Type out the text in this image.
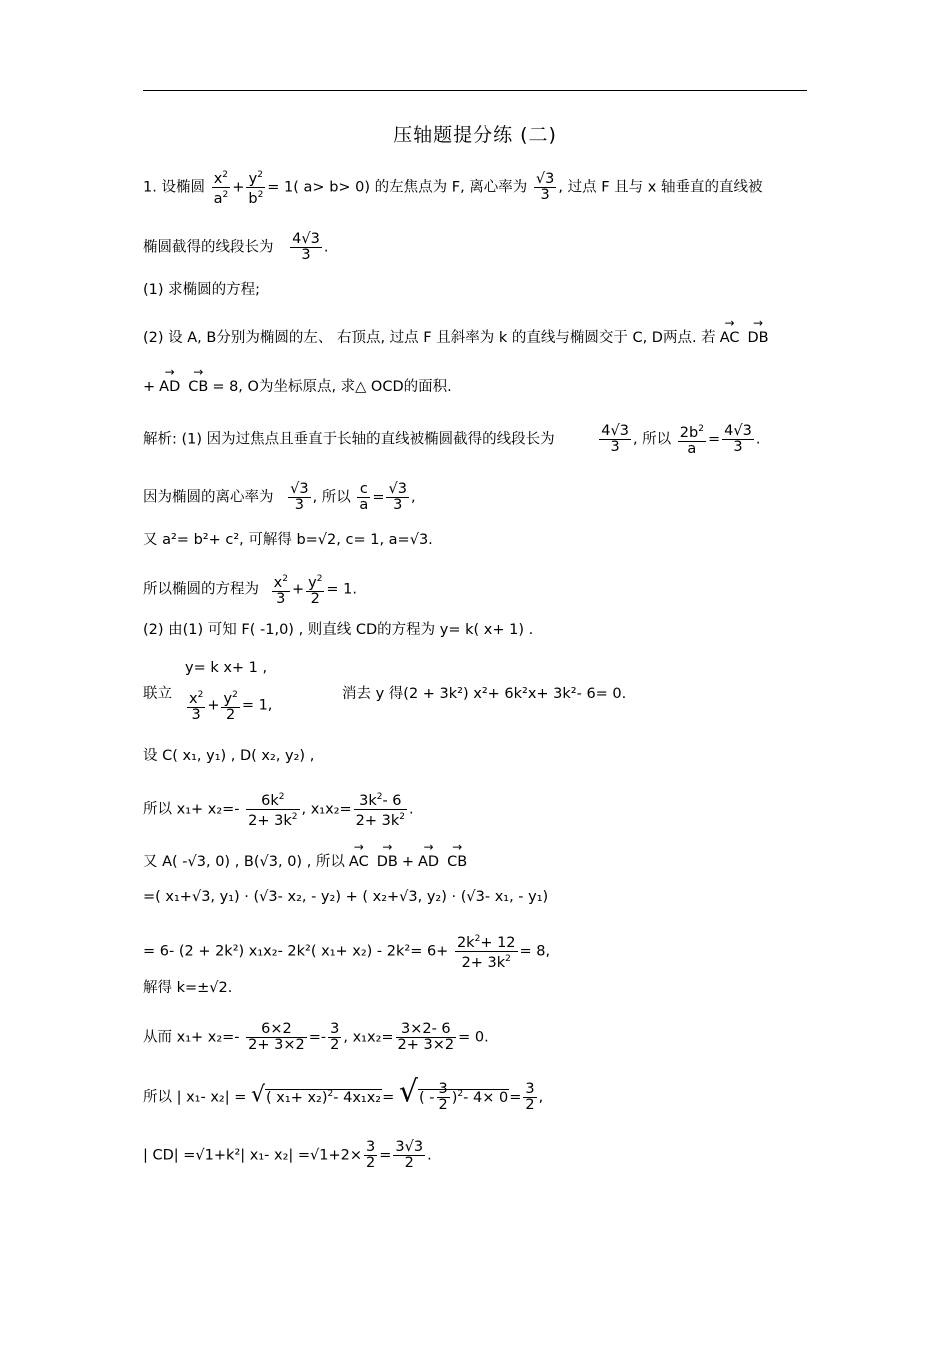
压轴题提分练 (二)
1. 设椭圆 $\frac{x^2}{a^2} + \frac{y^2}{b^2} = 1$( a> b> 0) 的左焦点为 F, 离心率为 $\frac{√3}{3}$ , 过点 F 且与 x 轴垂直的直线被
椭圆截得的线段长为 $\frac{4√3}{3}$ .
(1) 求椭圆的方程;
(2) 设 A, B分别为椭圆的左、 右顶点, 过点 F 且斜率为 k 的直线与椭圆交于 C, D两点. 若 → AC → DB
+ → AD → CB = 8, O为坐标原点, 求△ OCD的面积.
解析: (1) 因为过焦点且垂直于长轴的直线被椭圆截得的线段长为	$\frac{4√3}{3}$ , 所以 $\frac{2b^2}{a} = \frac{4√3}{3}$ .
因为椭圆的离心率为 $\frac{√3}{3}$ , 所以 $\frac{c}{a} = \frac{√3}{3}$ ,
又 a²= b²+ c², 可解得 b=√2, c= 1, a=√3.
所以椭圆的方程为 $\frac{x^2}{3} + \frac{y^2}{2} = 1$.
(2) 由(1) 可知 F( -1,0) , 则直线 CD的方程为 y= k( x+ 1) .
y= k x+ 1 ,
联立 $\frac{x^2}{3} + \frac{y^2}{2} = 1$,
消去 y 得(2 + 3k²) x²+ 6k²x+ 3k²- 6= 0.
设 C( x₁, y₁) , D( x₂, y₂) ,
所以 $x_1+ x_2=- \frac{6k^2}{2+ 3k^2}$ , $x_1x_2= \frac{3k^2- 6}{2+ 3k^2}$ .
又 A( -√3, 0) , B(√3, 0) , 所以 → AC → DB + → AD → CB
=( x₁+√3, y₁) · (√3- x₂, - y₂) + ( x₂+√3, y₂) · (√3- x₁, - y₁)
= 6- (2 + 2k²) x₁x₂- 2k²( $x_1+ x_2) - 2k^2= 6+ \frac{2k^2+ 12}{2+ 3k^2} = 8$,
解得 k=±√2.
从而 $x_1+ x_2=- \frac{6\times 2}{2+ 3\times 2} =- \frac{3}{2}$ , $x_1x_2= \frac{3\times 2- 6}{2+ 3\times 2} = 0$.
所以 | x₁- x₂| = √( x₁+ x₂)$^2$- 4x₁x₂= √( - $\frac{3}{2} )^2-$ $4\times 0= \frac{3}{2}$ ,
| CD| =√1+k²| x₁- $x_2| =√1+2\times \frac{3}{2} = \frac{3√3}{2}$ .
